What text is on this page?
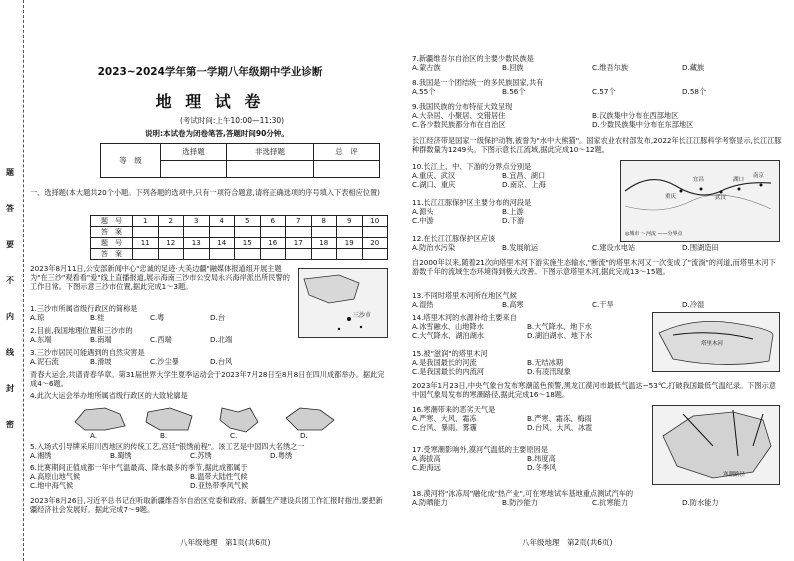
题
答
要
不
内
线
封
密
2023~2024学年第一学期八年级期中学业诊断
地 理 试 卷
(考试时间:上午10:00—11:30)
说明:本试卷为闭卷笔答,答题时间90分钟。
等　级	选择题	非选择题	总　评

一、选择题(本大题共20个小题。下列各题的选项中,只有一项符合题意,请将正确选项的序号填入下表相应位置)
题　号	1	2	3	4	5	6	7	8	9	10
答　案										
题　号	11	12	13	14	15	16	17	18	19	20
答　案										
2023年8月11日,公安部新闻中心"忠诚的足迹·大美边疆"融媒体报道组开展主题为"在三沙"观看看"爱"线上直播报道,展示海南三沙市公安局永兴海岸派出所民警的工作日常。下图示意三沙市位置,据此完成1～3题。
三沙市
1.三沙市所属省级行政区的简称是
A.琼	B.桂	C.粤	D.台
2.目前,我国地理位置和三沙市的
A.东端	B.南端	C.西端	D.北端
3.三沙市居民可能遇到的自然灾害是
A.泥石流	B.滑坡	C.沙尘暴	D.台风
青春大运会,共谱青春华章。第31届世界大学生夏季运动会于2023年7月28日至8月8日在四川成都举办。据此完成4～6题。
4.此次大运会举办地所属省级行政区的大致轮廓是
A.	B.	C.	D.
5.入场式引导牌采用川西地区的传统工艺,宫廷"银绣前程"。该工艺是中国四大名绣之一
A.湘绣	B.蜀绣	C.苏绣	D.粤绣
6.比赛期间正值成都一年中气温最高、降水最多的季节,据此成都属于
A.高原山地气候	B.温带大陆性气候
C.地中海气候	D.亚热带季风气候
2023年8月26日,习近平总书记在听取新疆维吾尔自治区党委和政府、新疆生产建设兵团工作汇报时指出,要把新疆经济社会发展好。据此完成7～9题。
八年级地理　第1页(共6页)
7.新疆维吾尔自治区的主要少数民族是
A.蒙古族	B.回族	C.维吾尔族	D.藏族
8.我国是一个团结统一的多民族国家,共有
A.55个	B.56个	C.57个	D.58个
9.我国民族的分布特征大致呈现
A.大杂居、小聚居、交错居住	B.汉族集中分布在西部地区
C.各少数民族都分布在自治区	D.少数民族集中分布在东部地区
长江经济带是国家一级保护动物,被誉为"水中大熊猫"。国家农业农村部发布,2022年长江江豚科学考察显示,长江江豚种群数量为1249头。下图示意长江流域,据此完成10～12题。
重庆
宜昌
武汉
湖口
南京
◎城市 ～河流 ——分界点
10.长江上、中、下游的分界点分别是
A.重庆、武汉	B.宜昌、湖口
C.湖口、重庆	D.南京、上海
11.长江江豚保护区主要分布的河段是
A.源头	B.上游
C.中游	D.下游
12.在长江江豚保护区应该
A.防治水污染	B.发展航运	C.建设水电站	D.围湖造田
自2000年以来,随着21次向塔里木河下游实施生态输水,"断流"的塔里木河又一次变成了"流淌"的河道,而塔里木河下游数千年的流域生态环境得到极大改善。下图示意塔里木河,据此完成13～15题。
13.不同时塔里木河所在地区气候
A.湿热	B.高寒	C.干旱	D.冷湿
塔里木河
14.塔里木河的水源补给主要来自
A.冰雪融水、山地降水	B.大气降水、地下水
C.大气降水、湖泊湖水	D.湖泊湖水、地下水
15.被"滋润"的塔里木河
A.是我国最长的河流	B.无结冰期
C.是我国最长的内流河	D.有凌汛现象
2023年1月23日,中央气象台发布寒潮蓝色预警,黑龙江漠河市最低气温达−53℃,打破我国最低气温纪录。下图示意中国气象局发布的寒潮路径,据此完成16～18题。
寒潮路径
16.寒潮带来的恶劣天气是
A.严寒、大风、霜冻	B.严寒、霜冻、梅雨
C.台风、暴雨、雾霾	D.台风、大风、冰雹
17.受寒潮影响外,漠河气温低的主要原因是
A.海拔高	B.纬度高
C.距海远	D.冬季风
18.漠河将"冰冻局"融化成"热产业",可在寒地试车基地重点测试汽车的
A.防晒能力	B.防沙能力	C.抗寒能力	D.防水能力
八年级地理　第2页(共6页)
